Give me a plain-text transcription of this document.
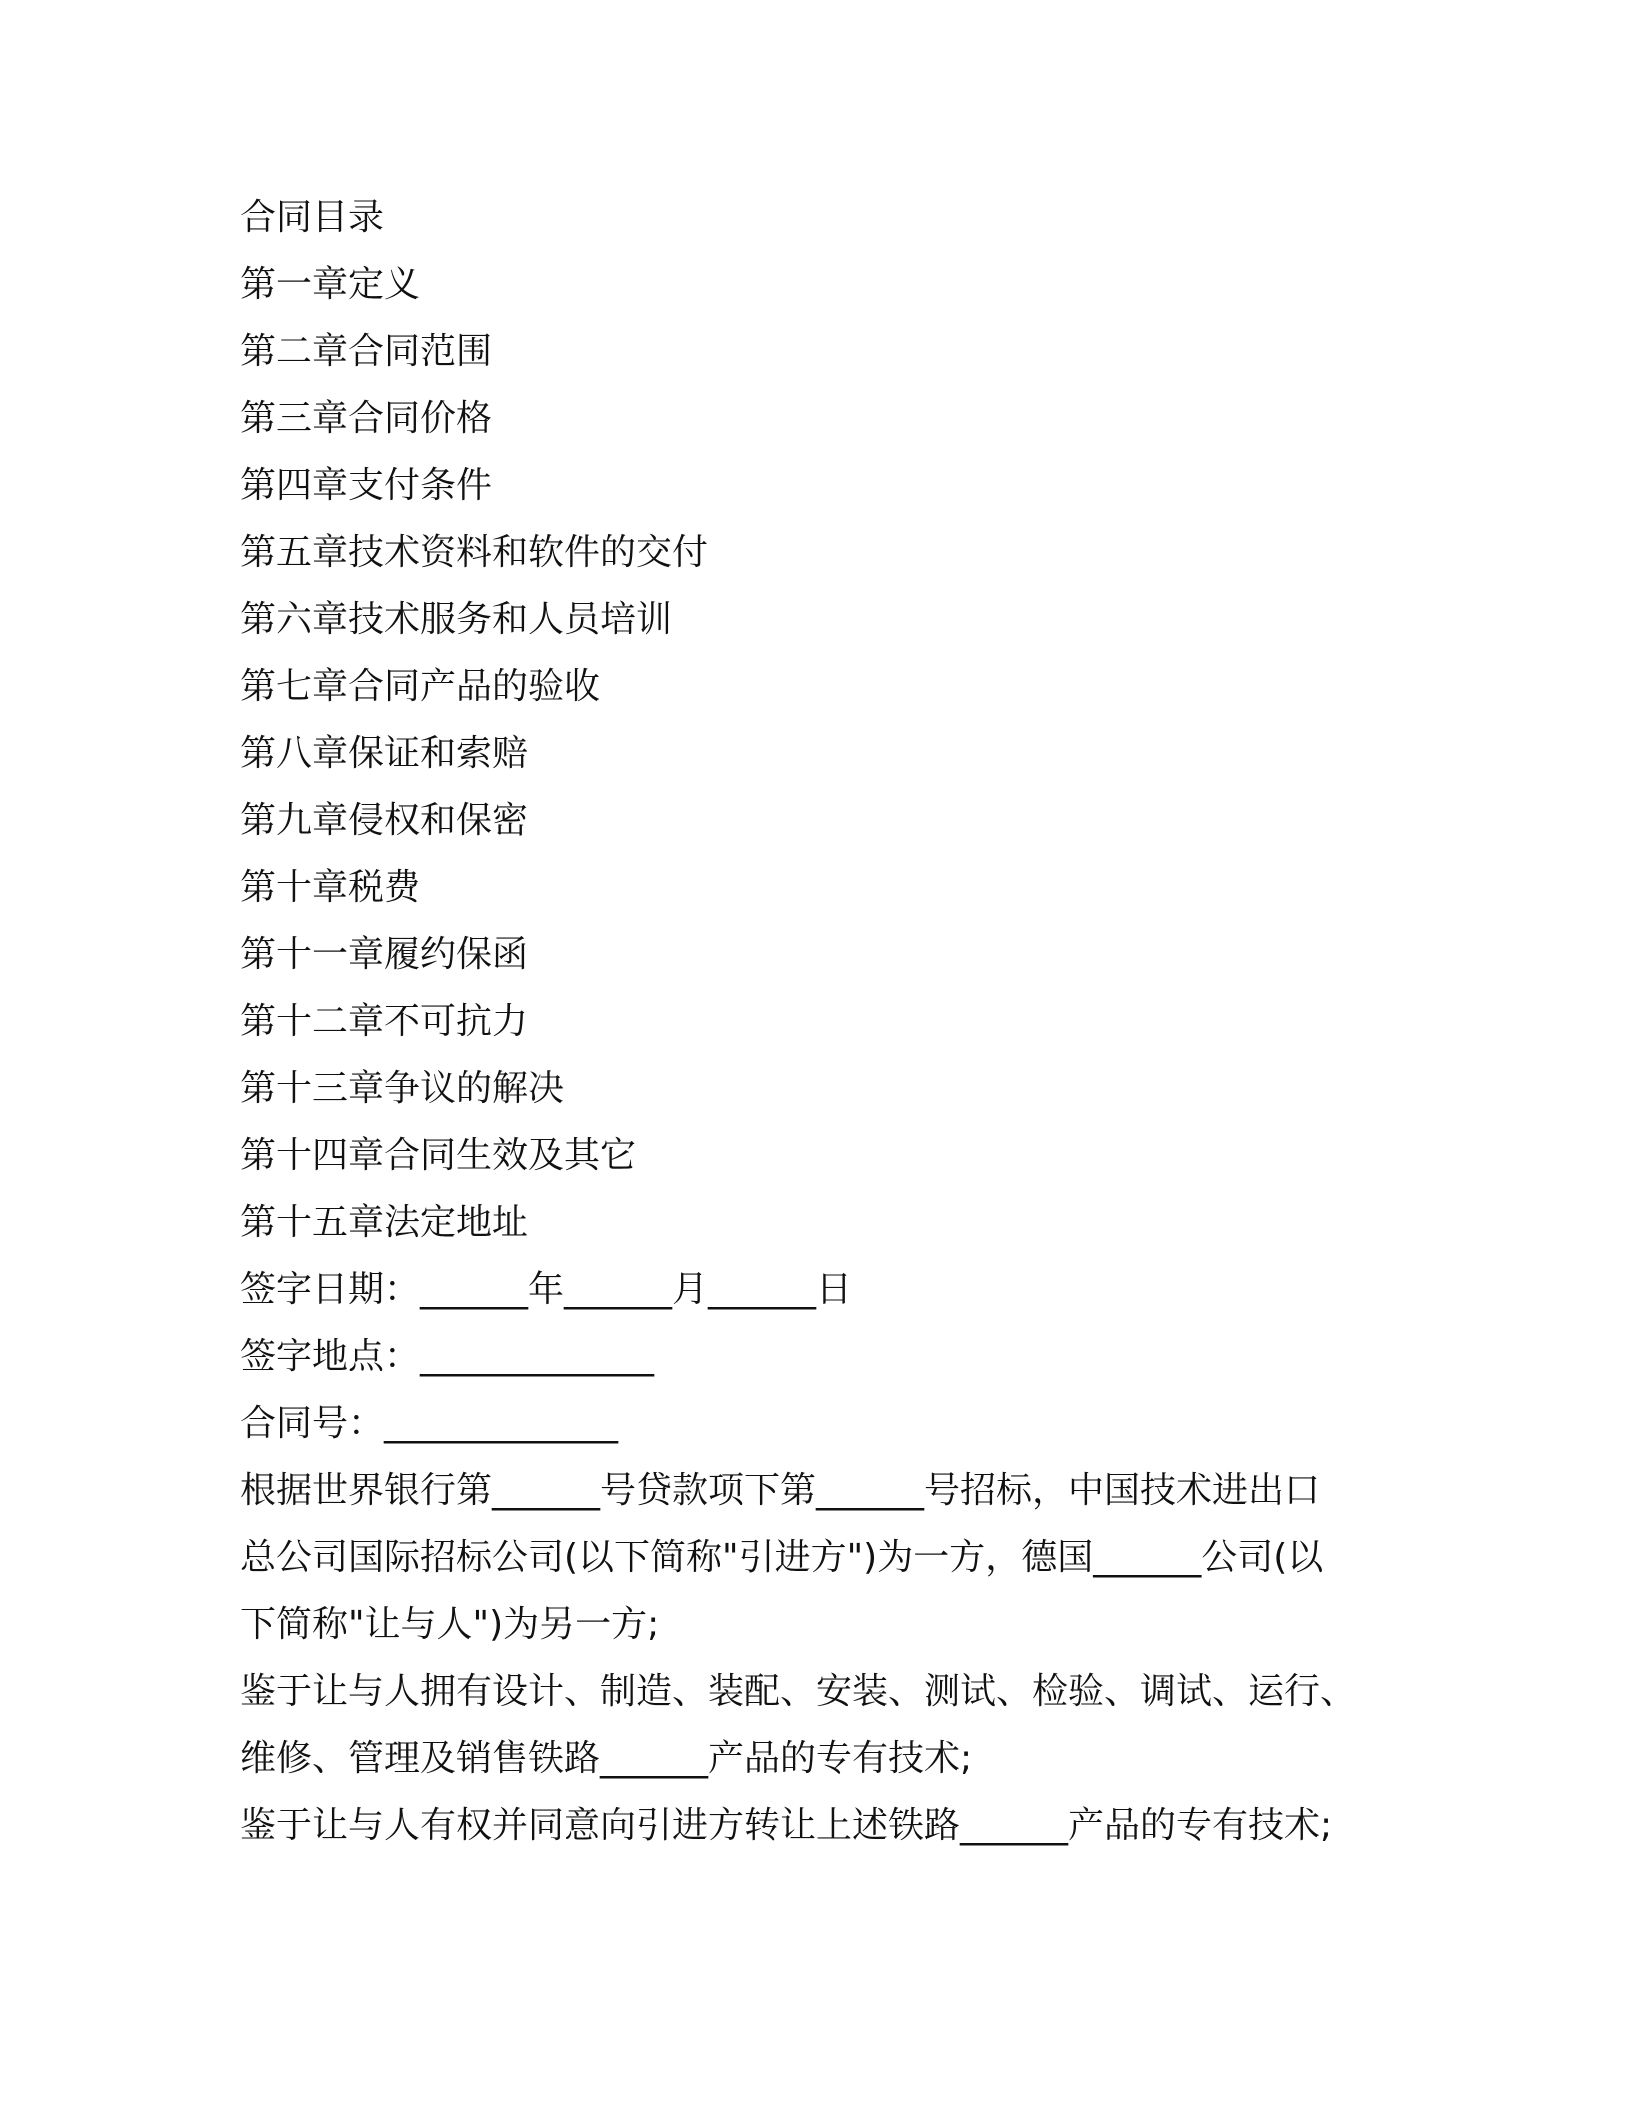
合同目录

第一章定义

第二章合同范围

第三章合同价格

第四章支付条件

第五章技术资料和软件的交付

第六章技术服务和人员培训

第七章合同产品的验收

第八章保证和索赔

第九章侵权和保密

第十章税费

第十一章履约保函

第十二章不可抗力

第十三章争议的解决

第十四章合同生效及其它

第十五章法定地址

签字日期：______年______月______日

签字地点：_____________

合同号：_____________

根据世界银行第______号贷款项下第______号招标，中国技术进出口

总公司国际招标公司(以下简称"引进方")为一方，德国______公司(以

下简称"让与人")为另一方;

鉴于让与人拥有设计、制造、装配、安装、测试、检验、调试、运行、

维修、管理及销售铁路______产品的专有技术;

鉴于让与人有权并同意向引进方转让上述铁路______产品的专有技术;
